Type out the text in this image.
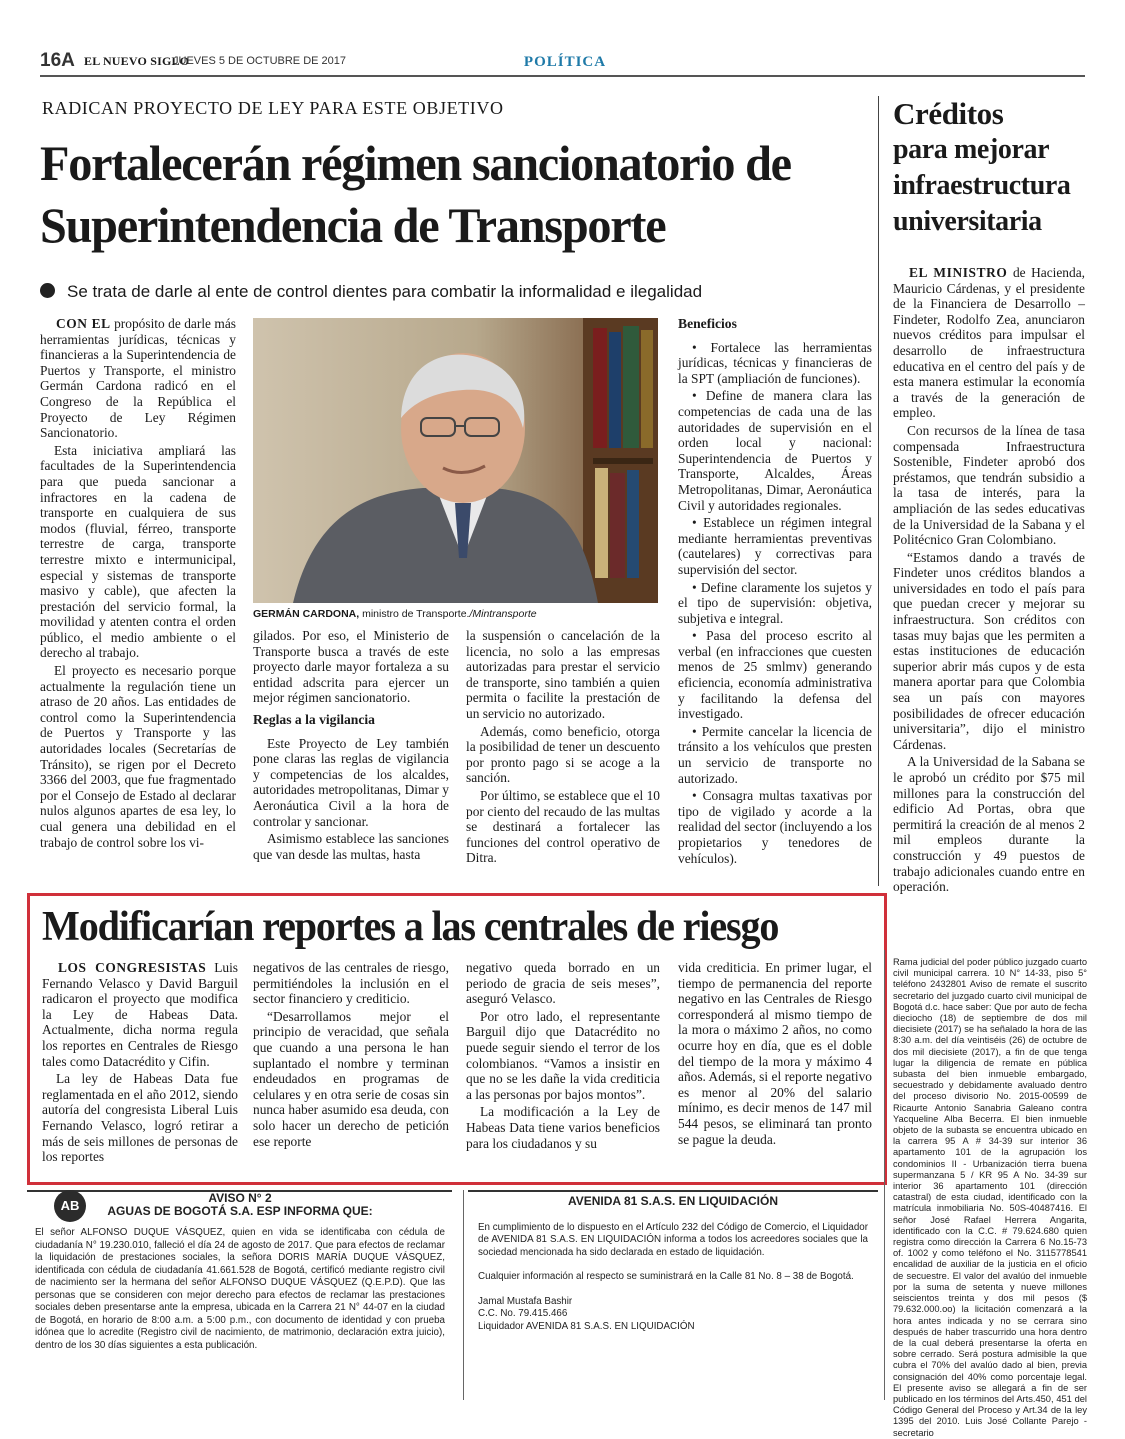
16A EL NUEVO SIGLO
JUEVES 5 DE OCTUBRE DE 2017	POLÍTICA
RADICAN PROYECTO DE LEY PARA ESTE OBJETIVO
Fortalecerán régimen sancionatorio de Superintendencia de Transporte
Se trata de darle al ente de control dientes para combatir la informalidad e ilegalidad

CON EL propósito de darle más herramientas jurídicas, técnicas y financieras a la Superintendencia de Puertos y Transporte, el ministro Germán Cardona radicó en el Congreso de la República el Proyecto de Ley Régimen Sancionatorio.

Esta iniciativa ampliará las facultades de la Superintendencia para que pueda sancionar a infractores en la cadena de transporte en cualquiera de sus modos (fluvial, férreo, transporte terrestre de carga, transporte terrestre mixto e intermunicipal, especial y sistemas de transporte masivo y cable), que afecten la prestación del servicio formal, la movilidad y atenten contra el orden público, el medio ambiente o el derecho al trabajo.

El proyecto es necesario porque actualmente la regulación tiene un atraso de 20 años. Las entidades de control como la Superintendencia de Puertos y Transporte y las autoridades locales (Secretarías de Tránsito), se rigen por el Decreto 3366 del 2003, que fue fragmentado por el Consejo de Estado al declarar nulos algunos apartes de esa ley, lo cual genera una debilidad en el trabajo de control sobre los vi-

GERMÁN CARDONA, ministro de Transporte./Mintransporte

gilados. Por eso, el Ministerio de Transporte busca a través de este proyecto darle mayor fortaleza a su entidad adscrita para ejercer un mejor régimen sancionatorio.

Reglas a la vigilancia

Este Proyecto de Ley también pone claras las reglas de vigilancia y competencias de los alcaldes, autoridades metropolitanas, Dimar y Aeronáutica Civil a la hora de controlar y sancionar.

Asimismo establece las sanciones que van desde las multas, hasta

la suspensión o cancelación de la licencia, no solo a las empresas autorizadas para prestar el servicio de transporte, sino también a quien permita o facilite la prestación de un servicio no autorizado.

Además, como beneficio, otorga la posibilidad de tener un descuento por pronto pago si se acoge a la sanción.

Por último, se establece que el 10 por ciento del recaudo de las multas se destinará a fortalecer las funciones del control operativo de Ditra.

Beneficios

• Fortalece las herramientas jurídicas, técnicas y financieras de la SPT (ampliación de funciones).

• Define de manera clara las competencias de cada una de las autoridades de supervisión en el orden local y nacional: Superintendencia de Puertos y Transporte, Alcaldes, Áreas Metropolitanas, Dimar, Aeronáutica Civil y autoridades regionales.

• Establece un régimen integral mediante herramientas preventivas (cautelares) y correctivas para supervisión del sector.

• Define claramente los sujetos y el tipo de supervisión: objetiva, subjetiva e integral.

• Pasa del proceso escrito al verbal (en infracciones que cuesten menos de 25 smlmv) generando eficiencia, economía administrativa y facilitando la defensa del investigado.

• Permite cancelar la licencia de tránsito a los vehículos que presten un servicio de transporte no autorizado.

• Consagra multas taxativas por tipo de vigilado y acorde a la realidad del sector (incluyendo a los propietarios y tenedores de vehículos).

Créditos
para mejorar infraestructura universitaria

EL MINISTRO de Hacienda, Mauricio Cárdenas, y el presidente de la Financiera de Desarrollo – Findeter, Rodolfo Zea, anunciaron nuevos créditos para impulsar el desarrollo de infraestructura educativa en el centro del país y de esta manera estimular la economía a través de la generación de empleo.

Con recursos de la línea de tasa compensada Infraestructura Sostenible, Findeter aprobó dos préstamos, que tendrán subsidio a la tasa de interés, para la ampliación de las sedes educativas de la Universidad de la Sabana y el Politécnico Gran Colombiano.

“Estamos dando a través de Findeter unos créditos blandos a universidades en todo el país para que puedan crecer y mejorar su infraestructura. Son créditos con tasas muy bajas que les permiten a estas instituciones de educación superior abrir más cupos y de esta manera aportar para que Colombia sea un país con mayores posibilidades de ofrecer educación universitaria”, dijo el ministro Cárdenas.

A la Universidad de la Sabana se le aprobó un crédito por $75 mil millones para la construcción del edificio Ad Portas, obra que permitirá la creación de al menos 2 mil empleos durante la construcción y 49 puestos de trabajo adicionales cuando entre en operación.

Modificarían reportes a las centrales de riesgo

LOS CONGRESISTAS Luis Fernando Velasco y David Barguil radicaron el proyecto que modifica la Ley de Habeas Data. Actualmente, dicha norma regula los reportes en Centrales de Riesgo tales como Datacrédito y Cifin.

La ley de Habeas Data fue reglamentada en el año 2012, siendo autoría del congresista Liberal Luis Fernando Velasco, logró retirar a más de seis millones de personas de los reportes

negativos de las centrales de riesgo, permitiéndoles la inclusión en el sector financiero y crediticio.

“Desarrollamos mejor el principio de veracidad, que señala que cuando a una persona le han suplantado el nombre y terminan endeudados en programas de celulares y en otra serie de cosas sin nunca haber asumido esa deuda, con solo hacer un derecho de petición ese reporte

negativo queda borrado en un periodo de gracia de seis meses”, aseguró Velasco.

Por otro lado, el representante Barguil dijo que Datacrédito no puede seguir siendo el terror de los colombianos. “Vamos a insistir en que no se les dañe la vida crediticia a las personas por bajos montos”.

La modificación a la Ley de Habeas Data tiene varios beneficios para los ciudadanos y su

vida crediticia. En primer lugar, el tiempo de permanencia del reporte negativo en las Centrales de Riesgo corresponderá al mismo tiempo de la mora o máximo 2 años, no como ocurre hoy en día, que es el doble del tiempo de la mora y máximo 4 años. Además, si el reporte negativo es menor al 20% del salario mínimo, es decir menos de 147 mil 544 pesos, se eliminará tan pronto se pague la deuda.

Rama judicial del poder público juzgado cuarto civil municipal carrera. 10 N° 14-33, piso 5° teléfono 2432801 Aviso de remate el suscrito secretario del juzgado cuarto civil municipal de Bogotá d.c. hace saber: Que por auto de fecha dieciocho (18) de septiembre de dos mil diecisiete (2017) se ha señalado la hora de las 8:30 a.m. del día veintiséis (26) de octubre de dos mil diecisiete (2017), a fin de que tenga lugar la diligencia de remate en pública subasta del bien inmueble embargado, secuestrado y debidamente avaluado dentro del proceso divisorio No. 2015-00599 de Ricaurte Antonio Sanabria Galeano contra Yacqueline Alba Becerra. El bien inmueble objeto de la subasta se encuentra ubicado en la carrera 95 A # 34-39 sur interior 36 apartamento 101 de la agrupación los condominios II - Urbanización tierra buena supermanzana 5 / KR 95 A No. 34-39 sur interior 36 apartamento 101 (dirección catastral) de esta ciudad, identificado con la matrícula inmobiliaria No. 50S-40487416. El señor José Rafael Herrera Angarita, identificado con la C.C. # 79.624.680 quien registra como dirección la Carrera 6 No.15-73 of. 1002 y como teléfono el No. 3115778541 encalidad de auxiliar de la justicia en el oficio de secuestre. El valor del avalúo del inmueble por la suma de setenta y nueve millones seiscientos treinta y dos mil pesos ($ 79.632.000.oo) la licitación comenzará a la hora antes indicada y no se cerrara sino después de haber trascurrido una hora dentro de la cual deberá presentarse la oferta en sobre cerrado. Será postura admisible la que cubra el 70% del avalúo dado al bien, previa consignación del 40% como porcentaje legal. El presente aviso se allegará a fin de ser publicado en los términos del Arts.450, 451 del Código General del Proceso y Art.34 de la ley 1395 del 2010. Luis José Collante Parejo - secretario
AB	AVISO N° 2
AGUAS DE BOGOTÁ S.A. ESP INFORMA QUE:
El señor ALFONSO DUQUE VÁSQUEZ, quien en vida se identificaba con cédula de ciudadanía N° 19.230.010, falleció el día 24 de agosto de 2017. Que para efectos de reclamar la liquidación de prestaciones sociales, la señora DORIS MARÍA DUQUE VÁSQUEZ, identificada con cédula de ciudadanía 41.661.528 de Bogotá, certificó mediante registro civil de nacimiento ser la hermana del señor ALFONSO DUQUE VÁSQUEZ (Q.E.P.D). Que las personas que se consideren con mejor derecho para efectos de reclamar las prestaciones sociales deben presentarse ante la empresa, ubicada en la Carrera 21 N° 44-07 en la ciudad de Bogotá, en horario de 8:00 a.m. a 5:00 p.m., con documento de identidad y con prueba idónea que lo acredite (Registro civil de nacimiento, de matrimonio, declaración extra juicio), dentro de los 30 días siguientes a esta publicación.
AVENIDA 81 S.A.S. EN LIQUIDACIÓN
En cumplimiento de lo dispuesto en el Artículo 232 del Código de Comercio, el Liquidador de AVENIDA 81 S.A.S. EN LIQUIDACIÓN informa a todos los acreedores sociales que la sociedad mencionada ha sido declarada en estado de liquidación.
Cualquier información al respecto se suministrará en la Calle 81 No. 8 – 38 de Bogotá.
Jamal Mustafa Bashir
C.C. No. 79.415.466
Liquidador AVENIDA 81 S.A.S. EN LIQUIDACIÓN
